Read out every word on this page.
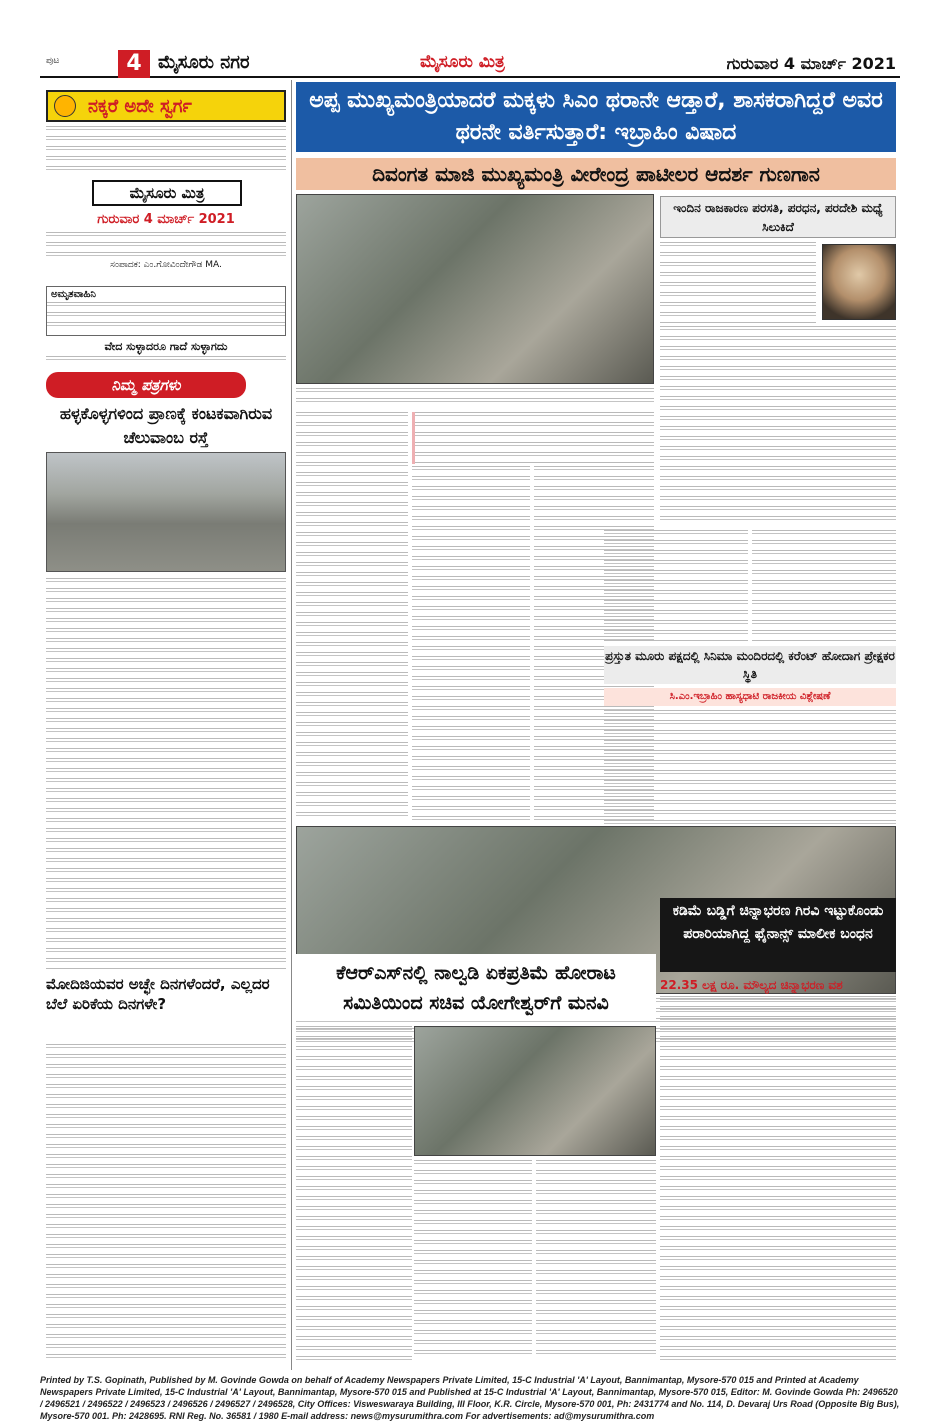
ಪುಟ	4 ಮೈಸೂರು ನಗರ	ಮೈಸೂರು ಮಿತ್ರ	ಗುರುವಾರ 4 ಮಾರ್ಚ್ 2021
ನಕ್ಕರೆ ಅದೇ ಸ್ವರ್ಗ
ಮೈಸೂರು ಮಿತ್ರ
ಗುರುವಾರ 4 ಮಾರ್ಚ್ 2021
ಸಂಪಾದಕ: ಎಂ.ಗೋವಿಂದೇಗೌಡ MA.
ಅಮೃತವಾಹಿನಿ
ವೇದ ಸುಳ್ಳಾದರೂ ಗಾದೆ ಸುಳ್ಳಾಗದು
ನಿಮ್ಮ ಪತ್ರಗಳು
ಹಳ್ಳಕೊಳ್ಳಗಳಿಂದ ಪ್ರಾಣಕ್ಕೆ ಕಂಟಕವಾಗಿರುವ ಚೆಲುವಾಂಬ ರಸ್ತೆ
ಮೋದಿಜಿಯವರ ಅಚ್ಛೇ ದಿನಗಳೆಂದರೆ, ಎಲ್ಲದರ ಬೆಲೆ ಏರಿಕೆಯ ದಿನಗಳೇ?
ಅಪ್ಪ ಮುಖ್ಯಮಂತ್ರಿಯಾದರೆ ಮಕ್ಕಳು ಸಿಎಂ ಥರಾನೇ ಆಡ್ತಾರೆ, ಶಾಸಕರಾಗಿದ್ದರೆ ಅವರ ಥರನೇ ವರ್ತಿಸುತ್ತಾರೆ: ಇಬ್ರಾಹಿಂ ವಿಷಾದ
ದಿವಂಗತ ಮಾಜಿ ಮುಖ್ಯಮಂತ್ರಿ ವೀರೇಂದ್ರ ಪಾಟೀಲರ ಆದರ್ಶ ಗುಣಗಾನ
ಇಂದಿನ ರಾಜಕಾರಣ ಪರಸತಿ, ಪರಧನ, ಪರದೇಶಿ ಮಧ್ಯೆ ಸಿಲುಕಿದೆ
ಪ್ರಸ್ತುತ ಮೂರು ಪಕ್ಷದಲ್ಲಿ ಸಿನಿಮಾ ಮಂದಿರದಲ್ಲಿ ಕರೆಂಟ್ ಹೋದಾಗ ಪ್ರೇಕ್ಷಕರ ಸ್ಥಿತಿ
ಸಿ.ಎಂ.ಇಬ್ರಾಹಿಂ ಹಾಸ್ಯಧಾಟಿ ರಾಜಕೀಯ ವಿಶ್ಲೇಷಣೆ
ಕೆಆರ್‌ಎಸ್‌ನಲ್ಲಿ ನಾಲ್ವಡಿ ಏಕಪ್ರತಿಮೆ ಹೋರಾಟ ಸಮಿತಿಯಿಂದ ಸಚಿವ ಯೋಗೇಶ್ವರ್‌ಗೆ ಮನವಿ
ಕಡಿಮೆ ಬಡ್ಡಿಗೆ ಚಿನ್ನಾಭರಣ ಗಿರವಿ ಇಟ್ಟುಕೊಂಡು ಪರಾರಿಯಾಗಿದ್ದ ಫೈನಾನ್ಸ್ ಮಾಲೀಕ ಬಂಧನ
22.35 ಲಕ್ಷ ರೂ. ಮೌಲ್ಯದ ಚಿನ್ನಾಭರಣ ವಶ
Printed by T.S. Gopinath, Published by M. Govinde Gowda on behalf of Academy Newspapers Private Limited, 15-C Industrial 'A' Layout, Bannimantap, Mysore-570 015 and Printed at Academy Newspapers Private Limited, 15-C Industrial 'A' Layout, Bannimantap, Mysore-570 015 and Published at 15-C Industrial 'A' Layout, Bannimantap, Mysore-570 015, Editor: M. Govinde Gowda Ph: 2496520 / 2496521 / 2496522 / 2496523 / 2496526 / 2496527 / 2496528, City Offices: Visweswaraya Building, III Floor, K.R. Circle, Mysore-570 001, Ph: 2431774 and No. 114, D. Devaraj Urs Road (Opposite Big Bus), Mysore-570 001. Ph: 2428695. RNI Reg. No. 36581 / 1980 E-mail address: news@mysurumithra.com For advertisements: ad@mysurumithra.com
